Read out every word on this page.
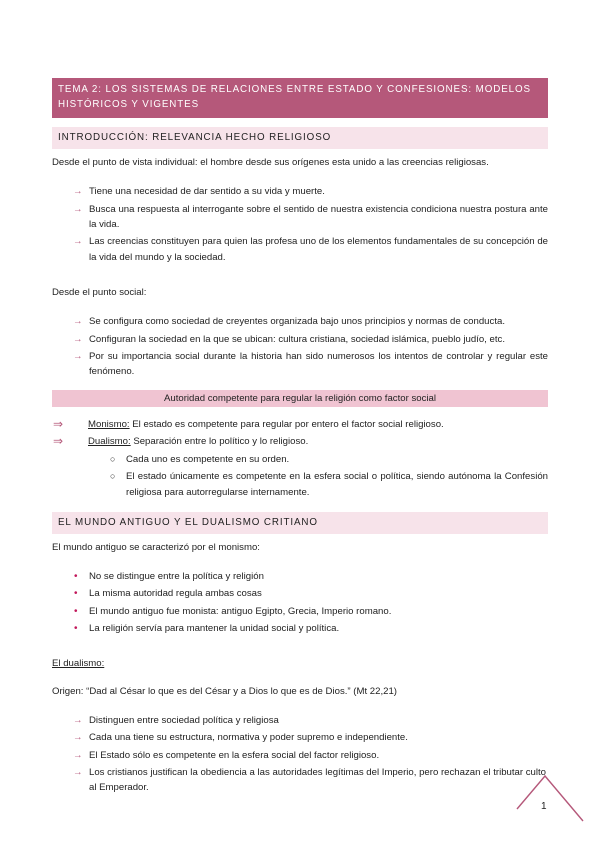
TEMA 2: LOS SISTEMAS DE RELACIONES ENTRE ESTADO Y CONFESIONES: MODELOS HISTÓRICOS Y VIGENTES
INTRODUCCIÓN: RELEVANCIA HECHO RELIGIOSO

Desde el punto de vista individual: el hombre desde sus orígenes esta unido a las creencias religiosas.

→ Tiene una necesidad de dar sentido a su vida y muerte.
→ Busca una respuesta al interrogante sobre el sentido de nuestra existencia condiciona nuestra postura ante la vida.
→ Las creencias constituyen para quien las profesa uno de los elementos fundamentales de su concepción de la vida del mundo y la sociedad.

Desde el punto social:

→ Se configura como sociedad de creyentes organizada bajo unos principios y normas de conducta.
→ Configuran la sociedad en la que se ubican: cultura cristiana, sociedad islámica, pueblo judío, etc.
→ Por su importancia social durante la historia han sido numerosos los intentos de controlar y regular este fenómeno.
Autoridad competente para regular la religión como factor social
⇒	Monismo: El estado es competente para regular por entero el factor social religioso.
⇒	Dualismo: Separación entre lo político y lo religioso.
○ Cada uno es competente en su orden.
○ El estado únicamente es competente en la esfera social o política, siendo autónoma la Confesión religiosa para autorregularse internamente.
EL MUNDO ANTIGUO Y EL DUALISMO CRITIANO

El mundo antiguo se caracterizó por el monismo:

• No se distingue entre la política y religión
• La misma autoridad regula ambas cosas
• El mundo antiguo fue monista: antiguo Egipto, Grecia, Imperio romano.
• La religión servía para mantener la unidad social y política.

El dualismo:

Origen: “Dad al César lo que es del César y a Dios lo que es de Dios.” (Mt 22,21)

→ Distinguen entre sociedad política y religiosa
→ Cada una tiene su estructura, normativa y poder supremo e independiente.
→ El Estado sólo es competente en la esfera social del factor religioso.
→ Los cristianos justifican la obediencia a las autoridades legítimas del Imperio, pero rechazan el tributar culto al Emperador.
1
